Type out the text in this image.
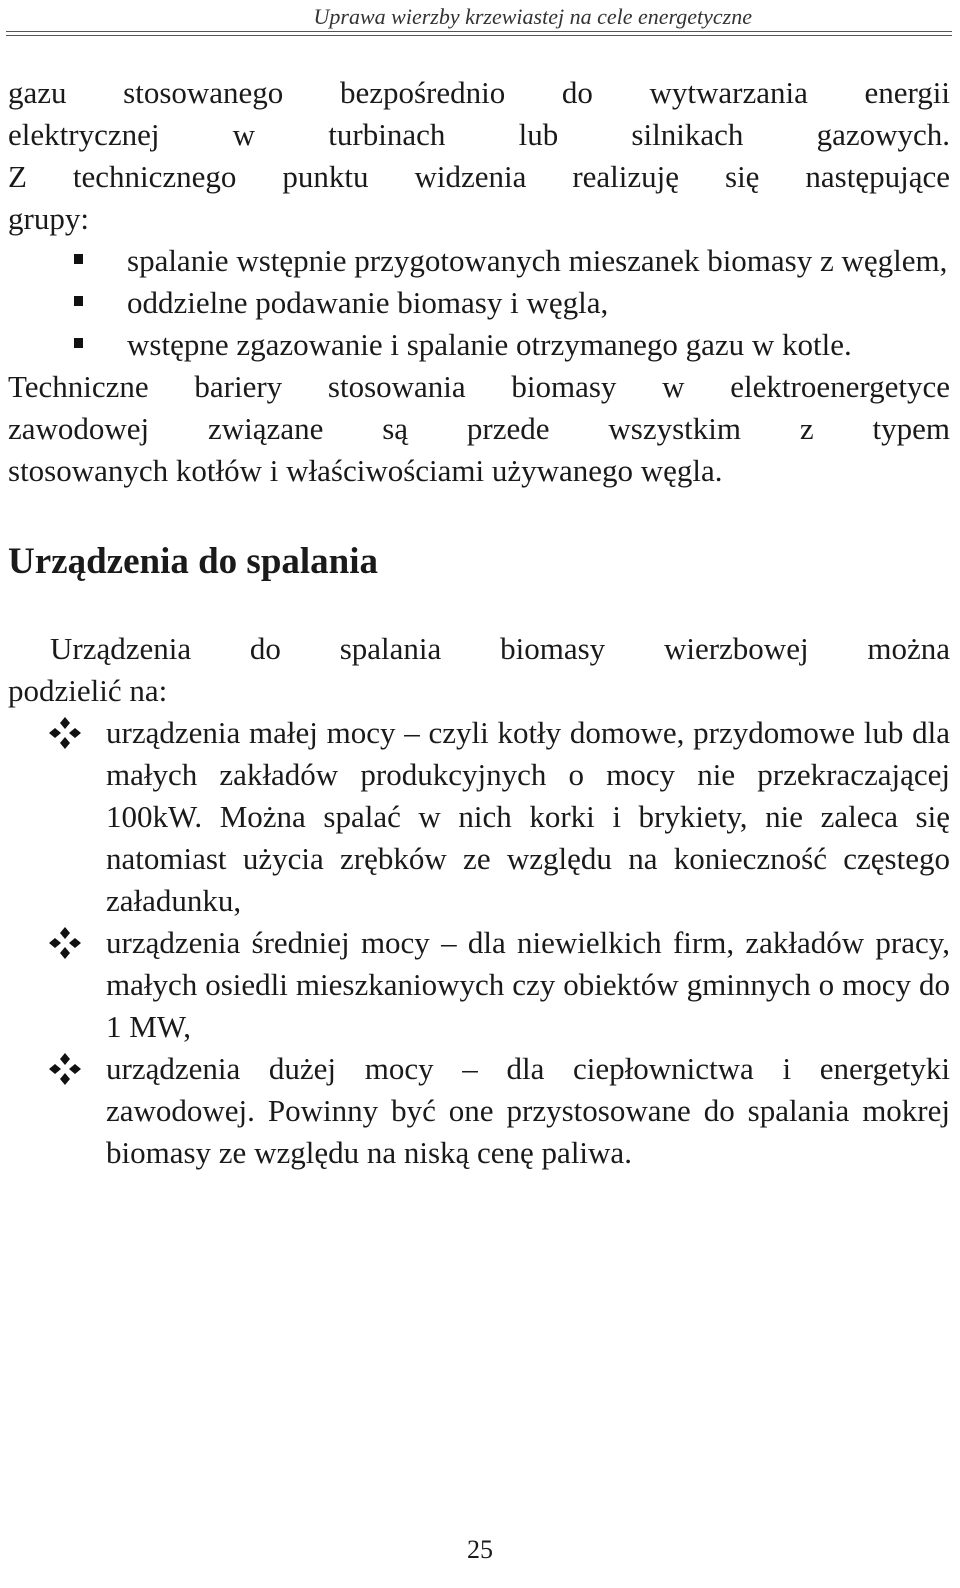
Uprawa wierzby krzewiastej na cele energetyczne

gazu stosowanego bezpośrednio do wytwarzania energii

elektrycznej w turbinach lub silnikach gazowych.

Z technicznego punktu widzenia realizuję się następujące

grupy:

spalanie wstępnie przygotowanych mieszanek biomasy z węglem,
oddzielne podawanie biomasy i węgla,
wstępne zgazowanie i spalanie otrzymanego gazu w kotle.

Techniczne bariery stosowania biomasy w elektroenergetyce

zawodowej związane są przede wszystkim z typem

stosowanych kotłów i właściwościami używanego węgla.

Urządzenia do spalania

Urządzenia do spalania biomasy wierzbowej można

podzielić na:

urządzenia małej mocy – czyli kotły domowe, przydomowe lub dla małych zakładów produkcyjnych o mocy nie przekraczającej 100kW. Można spalać w nich korki i brykiety, nie zaleca się natomiast użycia zrębków ze względu na konieczność częstego załadunku,
urządzenia średniej mocy – dla niewielkich firm, zakładów pracy, małych osiedli mieszkaniowych czy obiektów gminnych o mocy do 1 MW,
urządzenia dużej mocy – dla ciepłownictwa i energetyki zawodowej. Powinny być one przystosowane do spalania mokrej biomasy ze względu na niską cenę paliwa.
25
